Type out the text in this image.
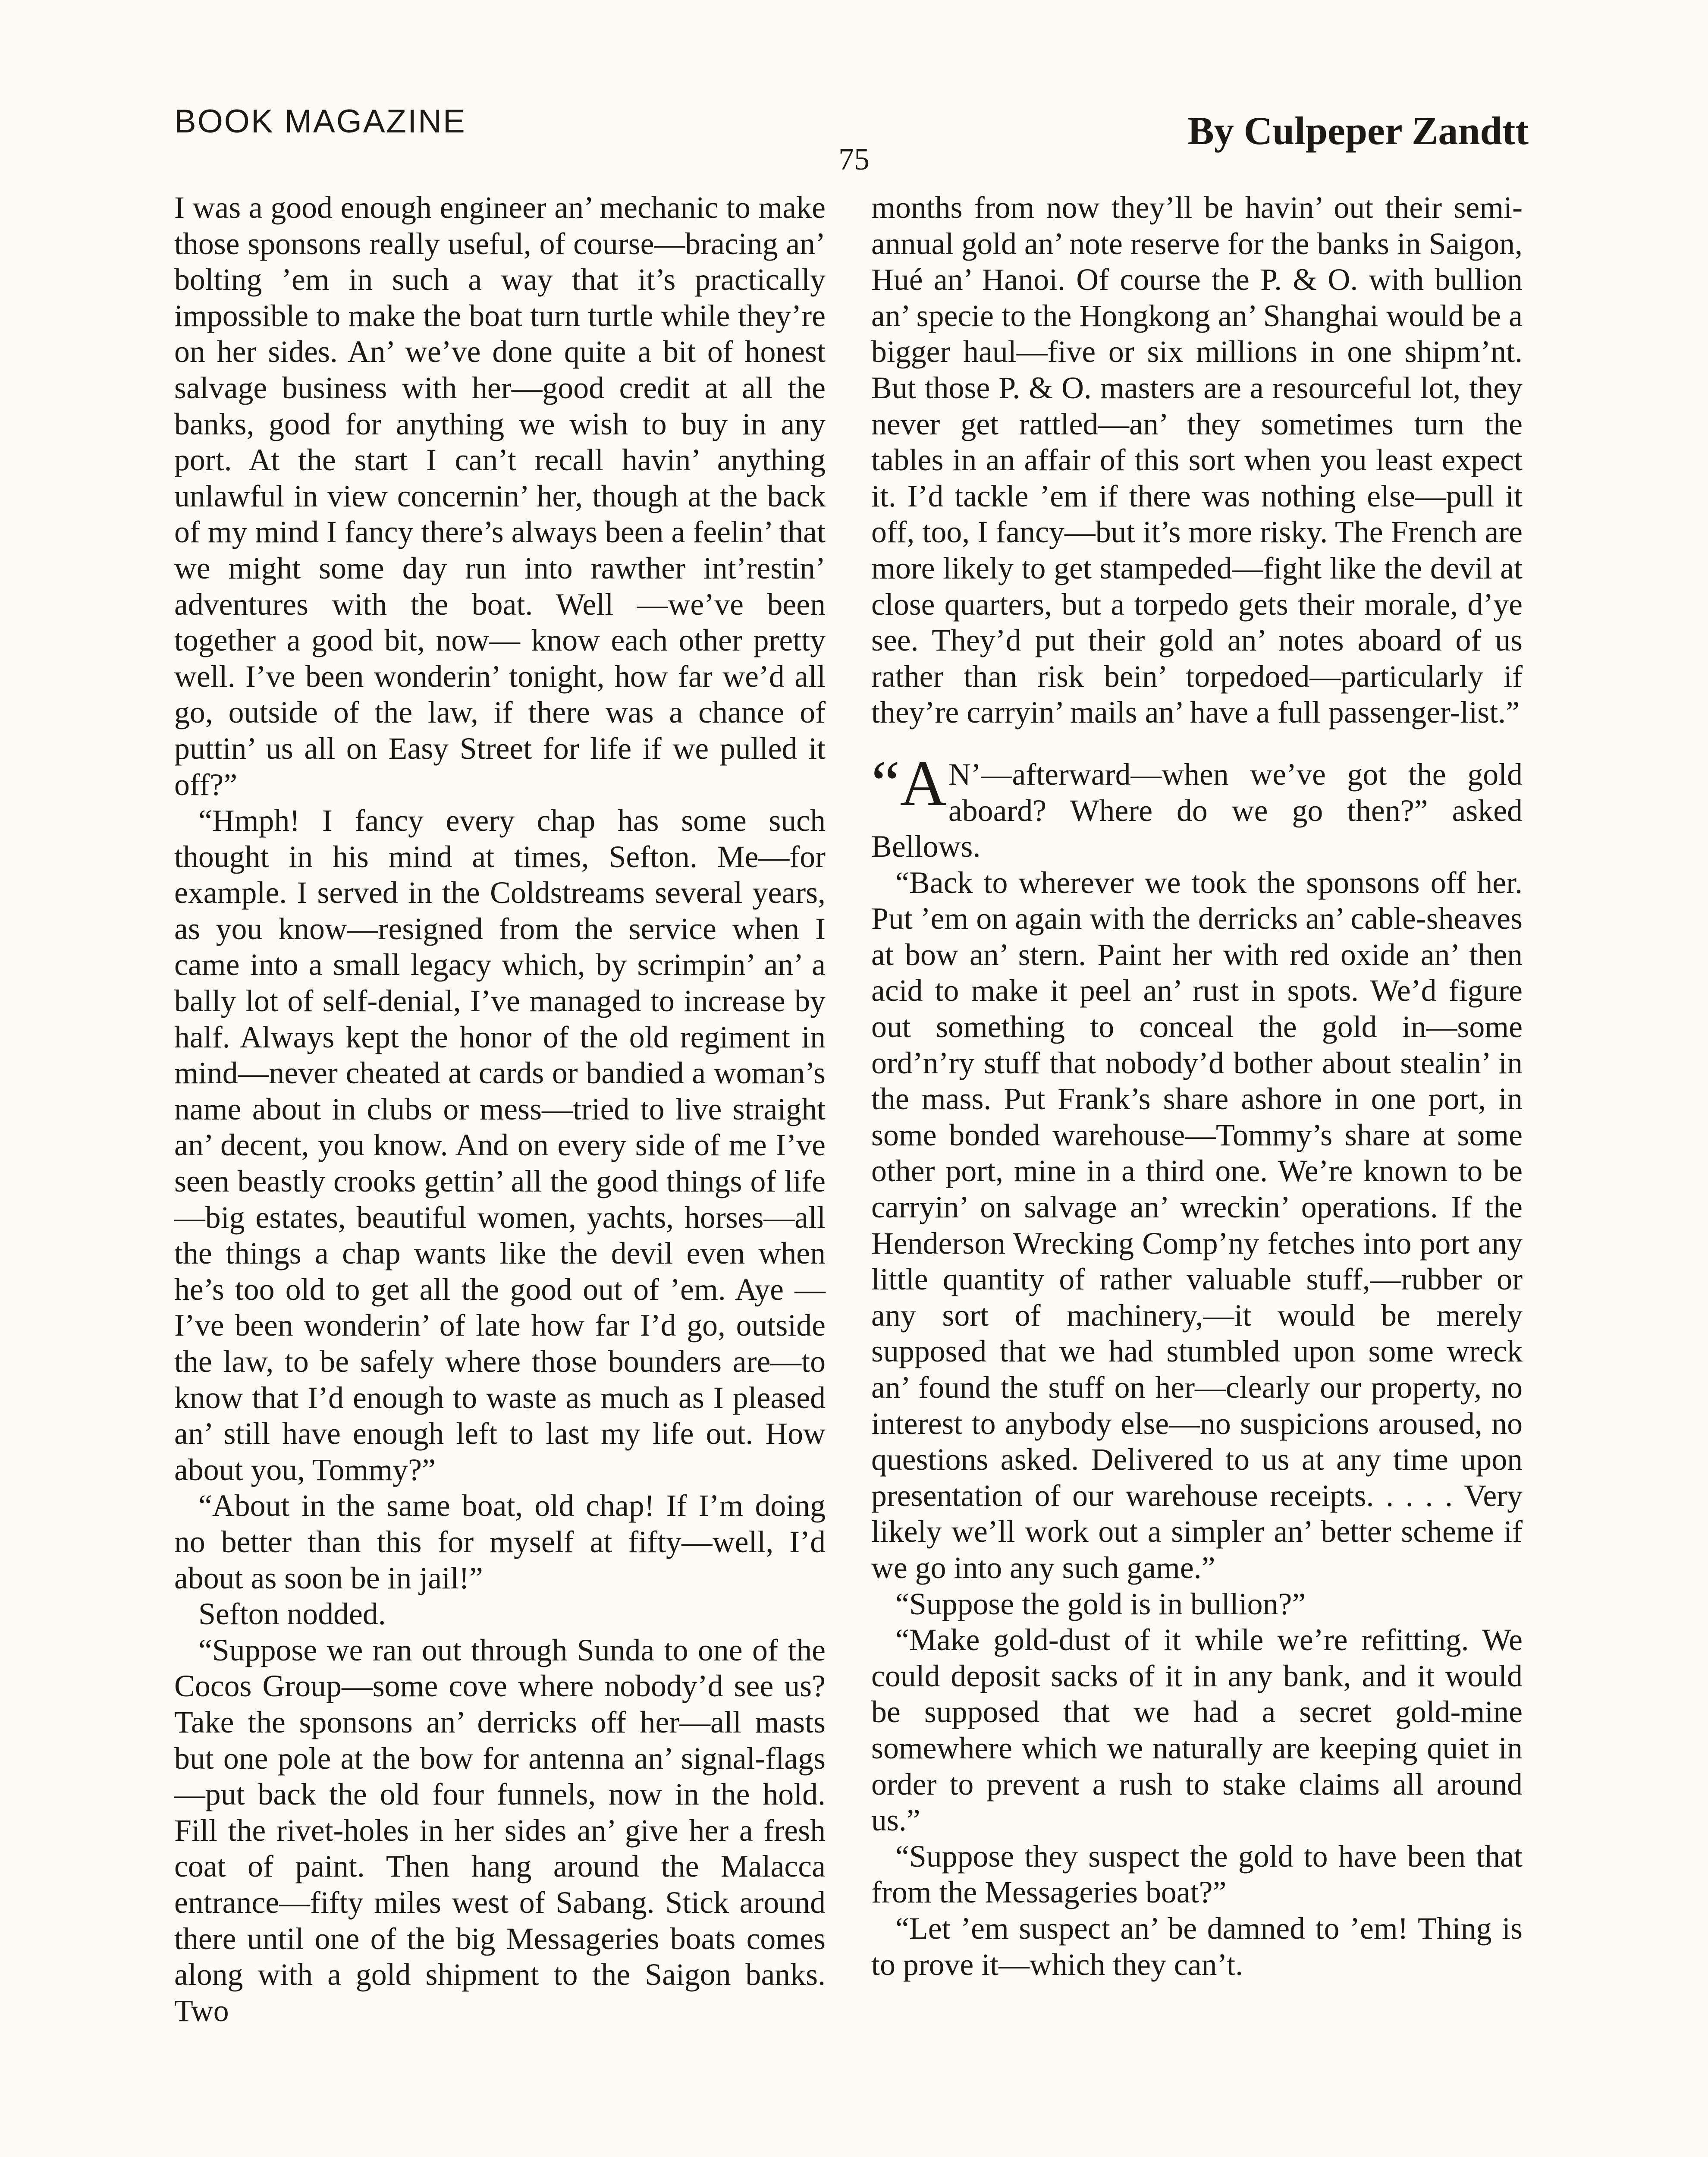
BOOK MAGAZINE	By Culpeper Zandtt
75

I was a good enough engineer an’ mechanic to make those sponsons really useful, of course—bracing an’ bolting ’em in such a way that it’s practically impossible to make the boat turn turtle while they’re on her sides. An’ we’ve done quite a bit of honest salvage business with her—good credit at all the banks, good for anything we wish to buy in any port. At the start I can’t recall havin’ anything unlawful in view concernin’ her, though at the back of my mind I fancy there’s always been a feelin’ that we might some day run into rawther int’restin’ adventures with the boat. Well —we’ve been together a good bit, now— know each other pretty well. I’ve been wonderin’ tonight, how far we’d all go, outside of the law, if there was a chance of puttin’ us all on Easy Street for life if we pulled it off?”

“Hmph! I fancy every chap has some such thought in his mind at times, Sefton. Me—for example. I served in the Coldstreams several years, as you know—resigned from the service when I came into a small legacy which, by scrimpin’ an’ a bally lot of self-denial, I’ve managed to increase by half. Always kept the honor of the old regiment in mind—never cheated at cards or bandied a woman’s name about in clubs or mess—tried to live straight an’ decent, you know. And on every side of me I’ve seen beastly crooks gettin’ all the good things of life—big estates, beautiful women, yachts, horses—all the things a chap wants like the devil even when he’s too old to get all the good out of ’em. Aye —I’ve been wonderin’ of late how far I’d go, outside the law, to be safely where those bounders are—to know that I’d enough to waste as much as I pleased an’ still have enough left to last my life out. How about you, Tommy?”

“About in the same boat, old chap! If I’m doing no better than this for myself at fifty—well, I’d about as soon be in jail!”

Sefton nodded.

“Suppose we ran out through Sunda to one of the Cocos Group—some cove where nobody’d see us? Take the sponsons an’ derricks off her—all masts but one pole at the bow for antenna an’ signal-flags—put back the old four funnels, now in the hold. Fill the rivet-holes in her sides an’ give her a fresh coat of paint. Then hang around the Malacca entrance—fifty miles west of Sabang. Stick around there until one of the big Messageries boats comes along with a gold shipment to the Saigon banks. Two

months from now they’ll be havin’ out their semi-annual gold an’ note reserve for the banks in Saigon, Hué an’ Hanoi. Of course the P. & O. with bullion an’ specie to the Hongkong an’ Shanghai would be a bigger haul—five or six millions in one shipm’nt. But those P. & O. masters are a resourceful lot, they never get rattled—an’ they sometimes turn the tables in an affair of this sort when you least expect it. I’d tackle ’em if there was nothing else—pull it off, too, I fancy—but it’s more risky. The French are more likely to get stampeded—fight like the devil at close quarters, but a torpedo gets their morale, d’ye see. They’d put their gold an’ notes aboard of us rather than risk bein’ torpedoed—particularly if they’re carryin’ mails an’ have a full passenger-list.”

“A N’—afterward—when we’ve got the gold aboard? Where do we go then?” asked Bellows.

“Back to wherever we took the sponsons off her. Put ’em on again with the derricks an’ cable-sheaves at bow an’ stern. Paint her with red oxide an’ then acid to make it peel an’ rust in spots. We’d figure out something to conceal the gold in—some ord’n’ry stuff that nobody’d bother about stealin’ in the mass. Put Frank’s share ashore in one port, in some bonded warehouse—Tommy’s share at some other port, mine in a third one. We’re known to be carryin’ on salvage an’ wreckin’ operations. If the Henderson Wrecking Comp’ny fetches into port any little quantity of rather valuable stuff,—rubber or any sort of machinery,—it would be merely supposed that we had stumbled upon some wreck an’ found the stuff on her—clearly our property, no interest to anybody else—no suspicions aroused, no questions asked. Delivered to us at any time upon presentation of our warehouse receipts. . . . . Very likely we’ll work out a simpler an’ better scheme if we go into any such game.”

“Suppose the gold is in bullion?”

“Make gold-dust of it while we’re refitting. We could deposit sacks of it in any bank, and it would be supposed that we had a secret gold-mine somewhere which we naturally are keeping quiet in order to prevent a rush to stake claims all around us.”

“Suppose they suspect the gold to have been that from the Messageries boat?”

“Let ’em suspect an’ be damned to ’em! Thing is to prove it—which they can’t.
